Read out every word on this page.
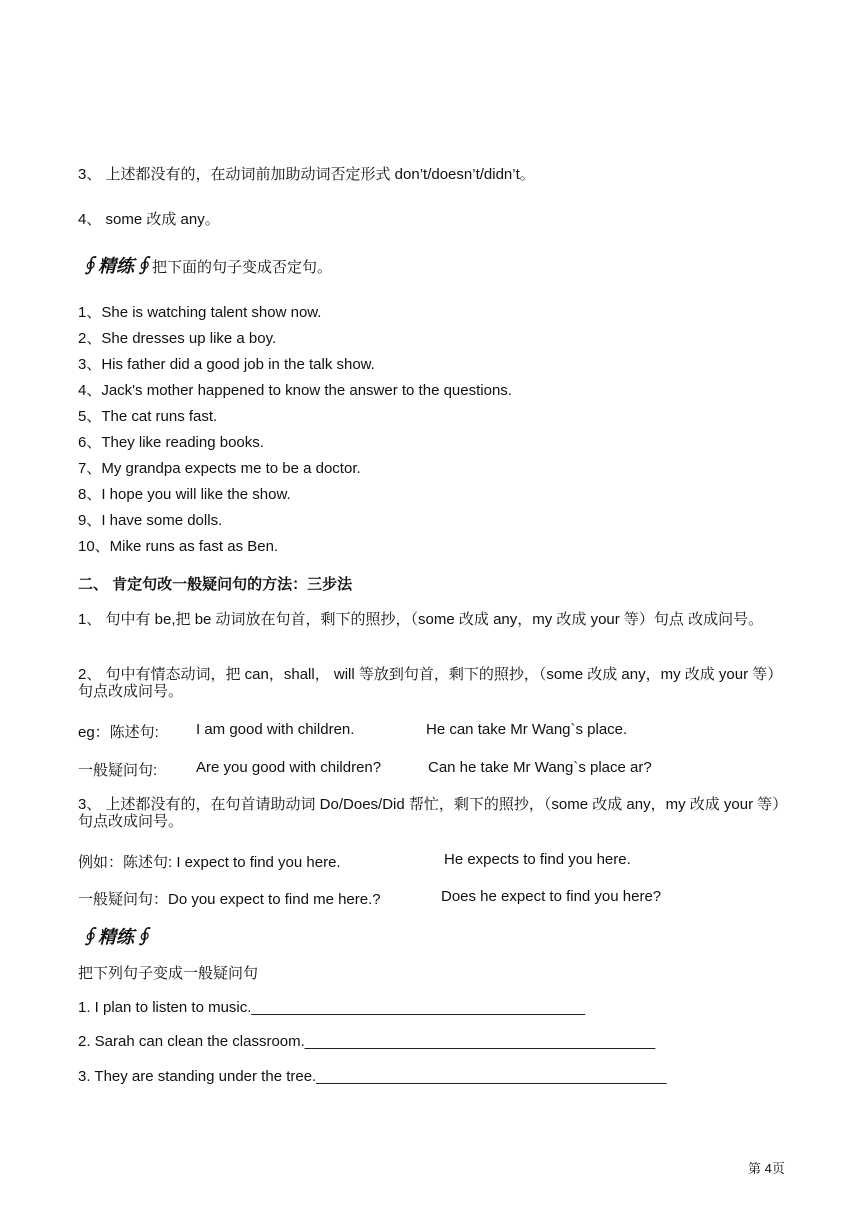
3、 上述都没有的，在动词前加助动词否定形式 don’t/doesn’t/didn’t。
4、 some 改成 any。
∮精练∮把下面的句子变成否定句。
1、She is watching talent show now.
2、She dresses up like a boy.
3、His father did a good job in the talk show.
4、Jack's mother happened to know the answer to the questions.
5、The cat runs fast.
6、They like reading books.
7、My grandpa expects me to be a doctor.
8、I hope you will like the show.
9、I have some dolls.
10、Mike runs as fast as Ben.
二、 肯定句改一般疑问句的方法：三步法
1、 句中有 be,把 be 动词放在句首，剩下的照抄，（some 改成 any，my 改成 your 等）句点 改成问号。
2、 句中有情态动词，把 can，shall， will 等放到句首，剩下的照抄，（some 改成 any，my 改成 your 等）句点改成问号。
eg：陈述句: I am good with children.	He can take Mr Wang`s place.
一般疑问句:	Are you good with children?	Can he take Mr Wang`s place ar?
3、 上述都没有的，在句首请助动词 Do/Does/Did 帮忙，剩下的照抄，（some 改成 any，my 改成 your 等）句点改成问号。
例如：陈述句: I expect to find you here.	He expects to find you here.
一般疑问句：Do you expect to find me here.?	Does he expect to find you here?
∮精练∮
把下列句子变成一般疑问句
1. I plan to listen to music.________________________________________
2. Sarah can clean the classroom.__________________________________________
3. They are standing under the tree.__________________________________________
第 4页
